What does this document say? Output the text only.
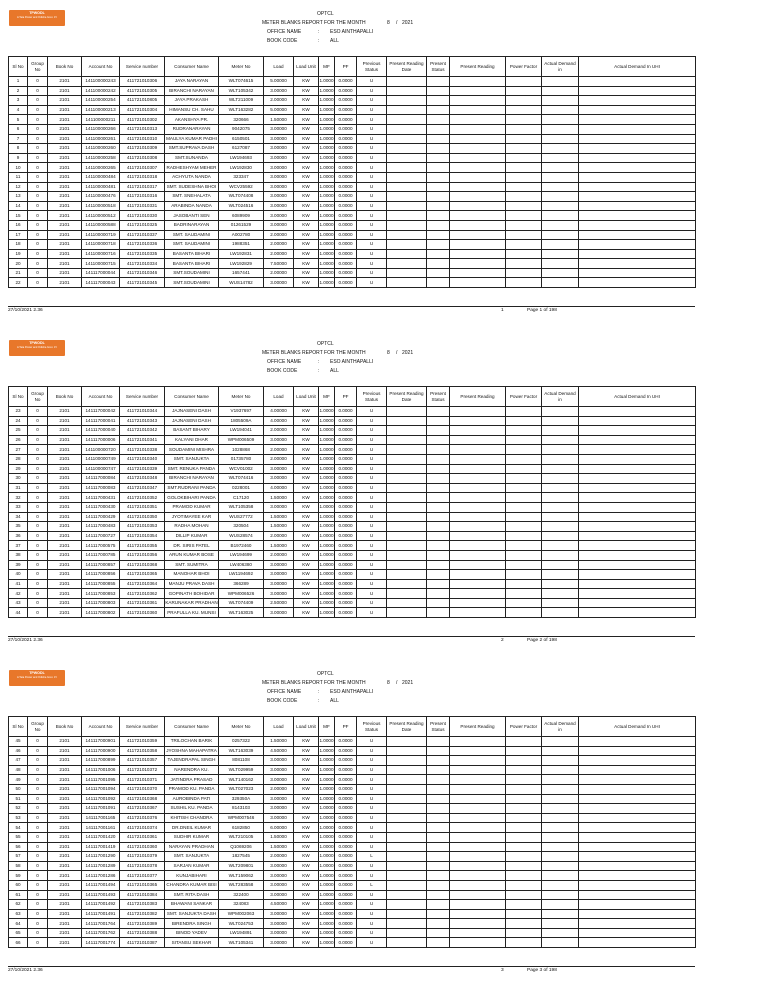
TPWODL
A Tata Power and Odisha Govt. JV
OPTCL
METER BLANKS REPORT FOR THE MONTH	8 / 2021
OFFICE NAME	: ESO AINTHAPALLI
BOOK CODE	: ALL
Sl No	Group No	Book No	Account No	Service number	Consumer Name	Meter No	Load	Load Unit	MF	PF	Previous Status	Present Reading Date	Present Status	Present Reading	Power Factor	Actual Demand in	Actual Demand In UHI
1	0	2101	141100000243	411721010306	JAYA NARAYAN	WLT074615	5.00000	KW	1.0000	0.0000	U						
2	0	2101	141100000242	411721010305	BIRANCHI NARAYAN	WLT105342	3.00000	KW	1.0000	0.0000	U						
3	0	2101	141100000254	411721010805	JAYA PRAKASH	WLT211009	2.00000	KW	1.0000	0.0000	U						
4	0	2101	141100000213	411721010304	HIMANSU CH. SAHU	WLT163282	5.00000	KW	1.0000	0.0000	U						
5	0	2101	141100000211	411721010302	AKANSHYA PR.	320666	1.50000	KW	1.0000	0.0000	U						
6	0	2101	141100000266	411721010313	RUDRANARAYAN	9042075	3.00000	KW	1.0000	0.0000	U						
7	0	2101	141100000261	411721010310	MAULYA KUMAR PADHI	6150501	3.00000	KW	1.0000	0.0000	U						
8	0	2101	141100000260	411721010309	SMT.SUPRAVA DASH	6127087	3.00000	KW	1.0000	0.0000	U						
9	0	2101	141100000258	411721010308	SMT.SUNANDA	LW194693	3.00000	KW	1.0000	0.0000	U						
10	0	2101	141100000265	411721010307	RADHESHYAM MEHER	LW192830	3.00000	KW	1.0000	0.0000	U						
11	0	2101	141100000484	411721010318	ACHYUTA NANDA	323347	3.00000	KW	1.0000	0.0000	U						
12	0	2101	141100000481	411721010317	SMT. SUDESHNA BHOI	WCV25592	3.00000	KW	1.0000	0.0000	U						
13	0	2101	141100000476	411721010316	SMT. SNEHALATA	WLT074408	3.00000	KW	1.0000	0.0000	U						
14	0	2101	141100000518	411721010331	ARABINDA NANDA	WLT024516	3.00000	KW	1.0000	0.0000	U						
15	0	2101	141100000512	411721010330	JASOBANTI SEN	6089909	3.00000	KW	1.0000	0.0000	U						
16	0	2101	141100000588	411721010325	BADRINARAYAN	01261529	3.00000	KW	1.0000	0.0000	U						
17	0	2101	141100000719	411721010337	SMT. SAUDAMINI	A002780	2.00000	KW	1.0000	0.0000	U						
18	0	2101	141100000718	411721010336	SMT. SAUDAMINI	1988351	2.00000	KW	1.0000	0.0000	U						
19	0	2101	141100000716	411721010335	BASANTA BIHARI	LW192831	2.00000	KW	1.0000	0.0000	U						
20	0	2101	141100000715	411721010334	BASANTA BIHARI	LW192829	7.50000	KW	1.0000	0.0000	U						
21	0	2101	141117000044	411721010346	SMT.SOUDAMINI	1657441	2.00000	KW	1.0000	0.0000	U						
22	0	2101	141117000043	411721010345	SMT.SOUDAMINI	WUS14782	3.00000	KW	1.0000	0.0000	U						
27/10/2021 2.36	1	Page 1 of 198
TPWODL
A Tata Power and Odisha Govt. JV
OPTCL
METER BLANKS REPORT FOR THE MONTH	8 / 2021
OFFICE NAME	: ESO AINTHAPALLI
BOOK CODE	: ALL
Sl No	Group No	Book No	Account No	Service number	Consumer Name	Meter No	Load	Load Unit	MF	PF	Previous Status	Present Reading Date	Present Status	Present Reading	Power Factor	Actual Demand in	Actual Demand In UHI
23	0	2101	141117000042	411721010344	JAJNASENI DASH	V1937697	4.00000	KW	1.0000	0.0000	U						
24	0	2101	141117000041	411721010343	JAJNASENI DASH	1805509A	4.00000	KW	1.0000	0.0000	U						
25	0	2101	141117000040	411721010342	BASANT BIHARY	LW194041	2.00000	KW	1.0000	0.0000	U						
26	0	2101	141117000006	411721010341	KALYANI DHAR	WPM006509	3.00000	KW	1.0000	0.0000	U						
27	0	2101	141100000720	411721010338	SOUDAMINI MISHRA	1028868	2.00000	KW	1.0000	0.0000	U						
28	0	2101	141100000749	411721010340	SMT. SANJUKTA	01735780	2.00000	KW	1.0000	0.0000	U						
29	0	2101	141100000747	411721010339	SMT. RENUKA PANDA	WCV01002	3.00000	KW	1.0000	0.0000	U						
30	0	2101	141117000084	411721010348	BIRANCHI NARAYAN	WLT074416	3.00000	KW	1.0000	0.0000	U						
31	0	2101	141117000083	411721010347	SMT.RUDRANI PANDA	0228001	4.00000	KW	1.0000	0.0000	U						
32	0	2101	141117000431	411721010352	GOLOKBIHARI PANDA	C17120	1.50000	KW	1.0000	0.0000	U						
33	0	2101	141117000430	411721010351	PRAMOD KUMAR	WLT105358	3.00000	KW	1.0000	0.0000	U						
34	0	2101	141117000429	411721010350	JYOTIMAYEE KAR	WUS27772	1.50000	KW	1.0000	0.0000	U						
35	0	2101	141117000483	411721010353	RADHA MOHAN	320504	1.50000	KW	1.0000	0.0000	U						
36	0	2101	141117000727	411721010354	DILLIP KUMAR	WUS28574	2.00000	KW	1.0000	0.0000	U						
37	0	2101	141117000575	411721010355	DR. SIRIS PATEL	B1972460	1.50000	KW	1.0000	0.0000	U						
38	0	2101	141117000785	411721010356	ARUN KUMAR BOSE	LW194699	2.00000	KW	1.0000	0.0000	U						
39	0	2101	141117000857	411721010368	SMT. SUMITRA	LW406380	3.00000	KW	1.0000	0.0000	U						
40	0	2101	141117000856	411721010365	MANOHAR BHOI	LW1194692	3.00000	KW	1.0000	0.0000	U						
41	0	2101	141117000855	411721010364	MANJU PRAVA DASH	366289	3.00000	KW	1.0000	0.0000	U						
42	0	2101	141117000853	411721010362	GOPINATH BOHIDAR	WPM006526	3.00000	KW	1.0000	0.0000	U						
43	0	2101	141117000803	411721010361	KARUNAKAR PRADHAN	WLT074409	2.50000	KW	1.0000	0.0000	U						
44	0	2101	141117000802	411721010360	PRAFULLA KU. MUNSI	WLT163025	3.00000	KW	1.0000	0.0000	U						
27/10/2021 2.36	2	Page 2 of 198
TPWODL
A Tata Power and Odisha Govt. JV
OPTCL
METER BLANKS REPORT FOR THE MONTH	8 / 2021
OFFICE NAME	: ESO AINTHAPALLI
BOOK CODE	: ALL
Sl No	Group No	Book No	Account No	Service number	Consumer Name	Meter No	Load	Load Unit	MF	PF	Previous Status	Present Reading Date	Present Status	Present Reading	Power Factor	Actual Demand in	Actual Demand In UHI
45	0	2101	141117000901	411721010359	TRILOCHAN BARIK	0257322	1.50000	KW	1.0000	0.0000	U						
46	0	2101	141117000900	411721010358	JYOSHNA MAHAPATRA	WLT163039	4.50000	KW	1.0000	0.0000	U						
47	0	2101	141117000899	411721010357	TAJENDRAPAL SINGH	8081108	3.00000	KW	1.0000	0.0000	U						
48	0	2101	141117001006	411721010372	NARENDRA KU.	WLT029959	3.00000	KW	1.0000	0.0000	U						
49	0	2101	141117001095	411721010371	JATINDRA PRASAD	WLT140162	3.00000	KW	1.0000	0.0000	U						
50	0	2101	141117001094	411721010370	PRAMOD KU. PANDA	WLT027023	2.00000	KW	1.0000	0.0000	U						
51	0	2101	141117001092	411721010368	AUROBINDA PATI	329350A	3.00000	KW	1.0000	0.0000	U						
52	0	2101	141117001091	411721010367	SUSHIL KU. PANDA	8143103	3.00000	KW	1.0000	0.0000	U						
53	0	2101	141117001165	411721010376	KHITISH CHANDRA	WPM007546	3.00000	KW	1.0000	0.0000	U						
54	0	2101	141117001161	411721010374	DR.DNEIL KUMAR	6182850	6.00000	KW	1.0000	0.0000	U						
55	0	2101	141117001420	411721010361	SUDHIR KUMAR	WLT210105	1.50000	KW	1.0000	0.0000	U						
56	0	2101	141117001419	411721010360	NARAYAN PRADHAN	Q1069206	1.50000	KW	1.0000	0.0000	U						
57	0	2101	141117001290	411721010379	SMT. SANJUKTA	1827545	2.00000	KW	1.0000	0.0000	L						
58	0	2101	141117001289	411721010378	SARJAN KUMAR	WLT209801	3.00000	KW	1.0000	0.0000	U						
59	0	2101	141117001286	411721010377	KUNJABIHARI	WLT159062	3.00000	KW	1.0000	0.0000	U						
60	0	2101	141117001494	411721010365	CHANDRA KUMAR BISI	WLT283558	3.00000	KW	1.0000	0.0000	L						
61	0	2101	141117001493	411721010384	SMT. RITA DASH	322400	3.00000	KW	1.0000	0.0000	U						
62	0	2101	141117001492	411721010383	BHAWANI SANKAR	324083	4.50000	KW	1.0000	0.0000	U						
63	0	2101	141117001491	411721010382	SMT. SANJUKTA DASH	WPM002063	3.00000	KW	1.0000	0.0000	U						
64	0	2101	141117001764	411721010389	BIRENDRA SINGH	WLT024753	3.00000	KW	1.0000	0.0000	U						
65	0	2101	141117001762	411721010388	BINOD YADEV	LW194891	3.00000	KW	1.0000	0.0000	U						
66	0	2101	141117001774	411721010387	SITANSU SEKHAR	WLT105341	3.00000	KW	1.0000	0.0000	U						
27/10/2021 2.36	3	Page 3 of 198
